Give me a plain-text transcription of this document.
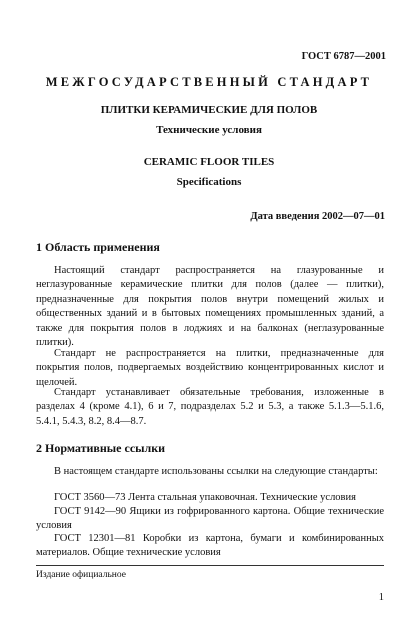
ГОСТ 6787—2001
МЕЖГОСУДАРСТВЕННЫЙ СТАНДАРТ
ПЛИТКИ КЕРАМИЧЕСКИЕ ДЛЯ ПОЛОВ
Технические условия
CERAMIC FLOOR TILES
Specifications
Дата введения 2002—07—01
1 Область применения
Настоящий стандарт распространяется на глазурованные и неглазурованные керамические плитки для полов (далее — плитки), предназначенные для покрытия полов внутри помещений жилых и общественных зданий и в бытовых помещениях промышленных зданий, а также для покрытия полов в лоджиях и на балконах (неглазурованные плитки).
Стандарт не распространяется на плитки, предназначенные для покрытия полов, подвергаемых воздействию концентрированных кислот и щелочей.
Стандарт устанавливает обязательные требования, изложенные в разделах 4 (кроме 4.1), 6 и 7, подразделах 5.2 и 5.3, а также 5.1.3—5.1.6, 5.4.1, 5.4.3, 8.2, 8.4—8.7.
2 Нормативные ссылки
В настоящем стандарте использованы ссылки на следующие стандарты:
ГОСТ 3560—73 Лента стальная упаковочная. Технические условия
ГОСТ 9142—90 Ящики из гофрированного картона. Общие технические условия
ГОСТ 12301—81 Коробки из картона, бумаги и комбинированных материалов. Общие технические условия
Издание официальное
1
